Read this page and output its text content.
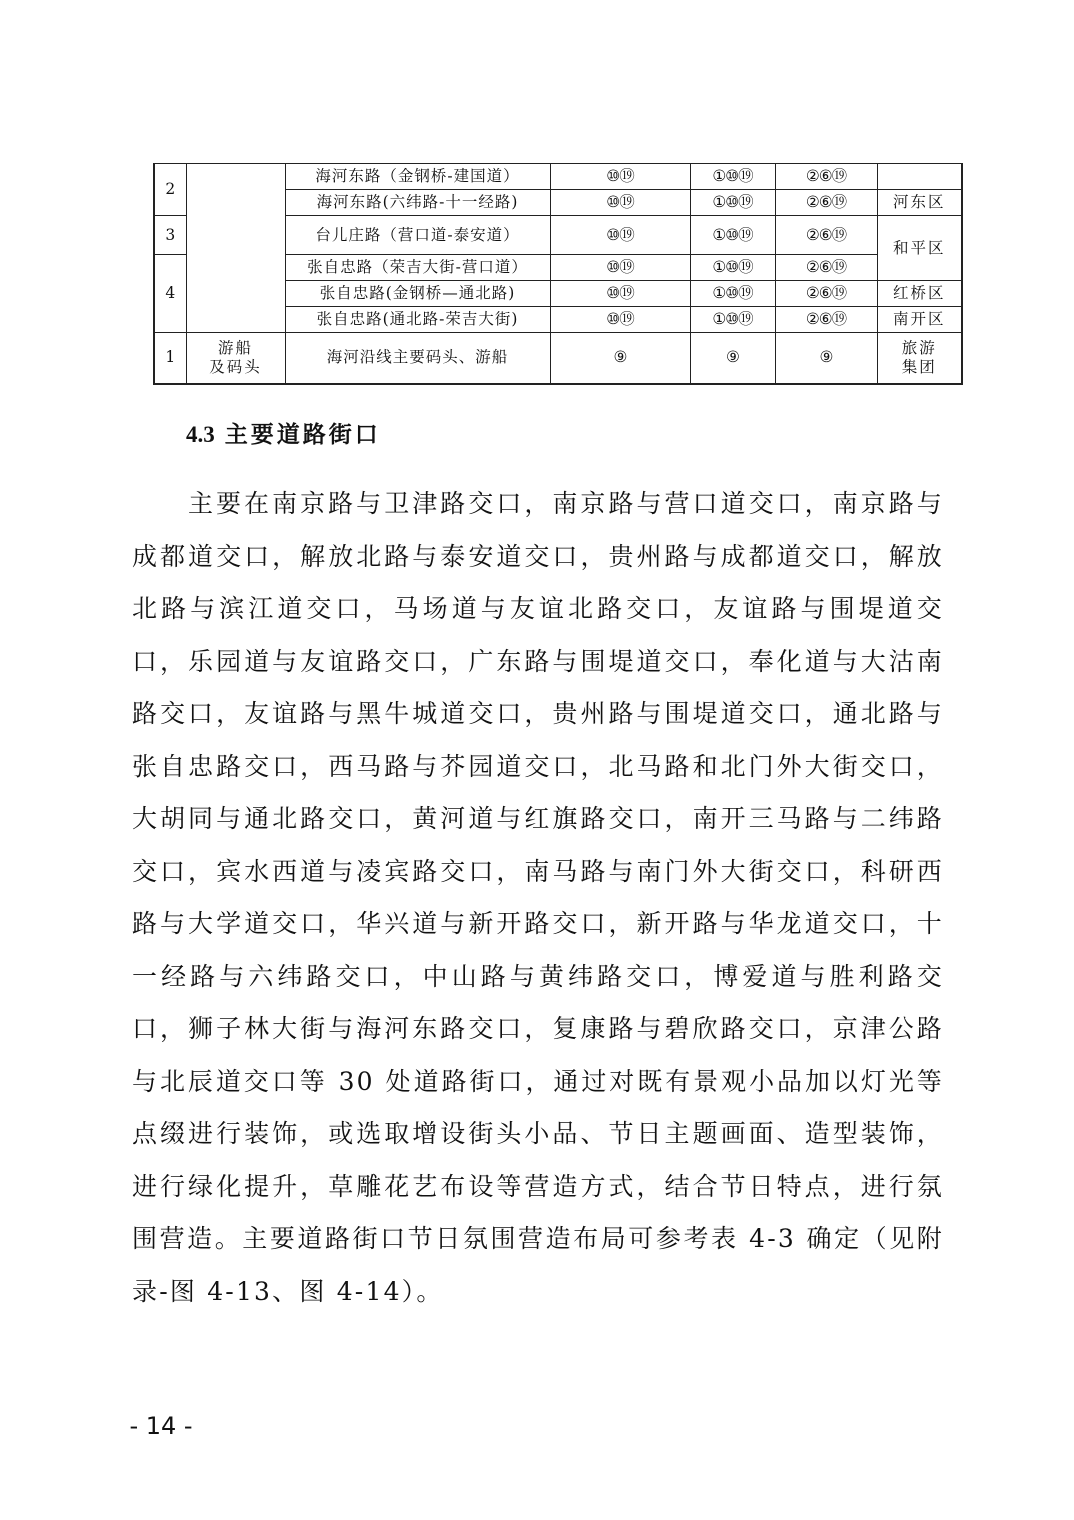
2		海河东路（金钢桥-建国道）	⑩⑲	①⑩⑲	②⑥⑲	
		海河东路(六纬路-十一经路)	⑩⑲	①⑩⑲	②⑥⑲	河东区
3		台儿庄路（营口道-泰安道）	⑩⑲	①⑩⑲	②⑥⑲	和平区
4		张自忠路（荣吉大街-营口道）	⑩⑲	①⑩⑲	②⑥⑲	
		张自忠路(金钢桥—通北路)	⑩⑲	①⑩⑲	②⑥⑲	红桥区
		张自忠路(通北路-荣吉大街)	⑩⑲	①⑩⑲	②⑥⑲	南开区
1	游船
及码头	海河沿线主要码头、游船	⑨	⑨	⑨	旅游
集团
4.3 主要道路街口

主要在南京路与卫津路交口，南京路与营口道交口，南京路与成都道交口，解放北路与泰安道交口，贵州路与成都道交口，解放北路与滨江道交口，马场道与友谊北路交口，友谊路与围堤道交口，乐园道与友谊路交口，广东路与围堤道交口，奉化道与大沽南路交口，友谊路与黑牛城道交口，贵州路与围堤道交口，通北路与张自忠路交口，西马路与芥园道交口，北马路和北门外大街交口，大胡同与通北路交口，黄河道与红旗路交口，南开三马路与二纬路交口，宾水西道与凌宾路交口，南马路与南门外大街交口，科研西路与大学道交口，华兴道与新开路交口，新开路与华龙道交口，十一经路与六纬路交口，中山路与黄纬路交口，博爱道与胜利路交口，狮子林大街与海河东路交口，复康路与碧欣路交口，京津公路与北辰道交口等 30 处道路街口，通过对既有景观小品加以灯光等点缀进行装饰，或选取增设街头小品、节日主题画面、造型装饰，进行绿化提升，草雕花艺布设等营造方式，结合节日特点，进行氛围营造。主要道路街口节日氛围营造布局可参考表 4-3 确定（见附录-图 4-13、图 4-14）。

- 14 -
